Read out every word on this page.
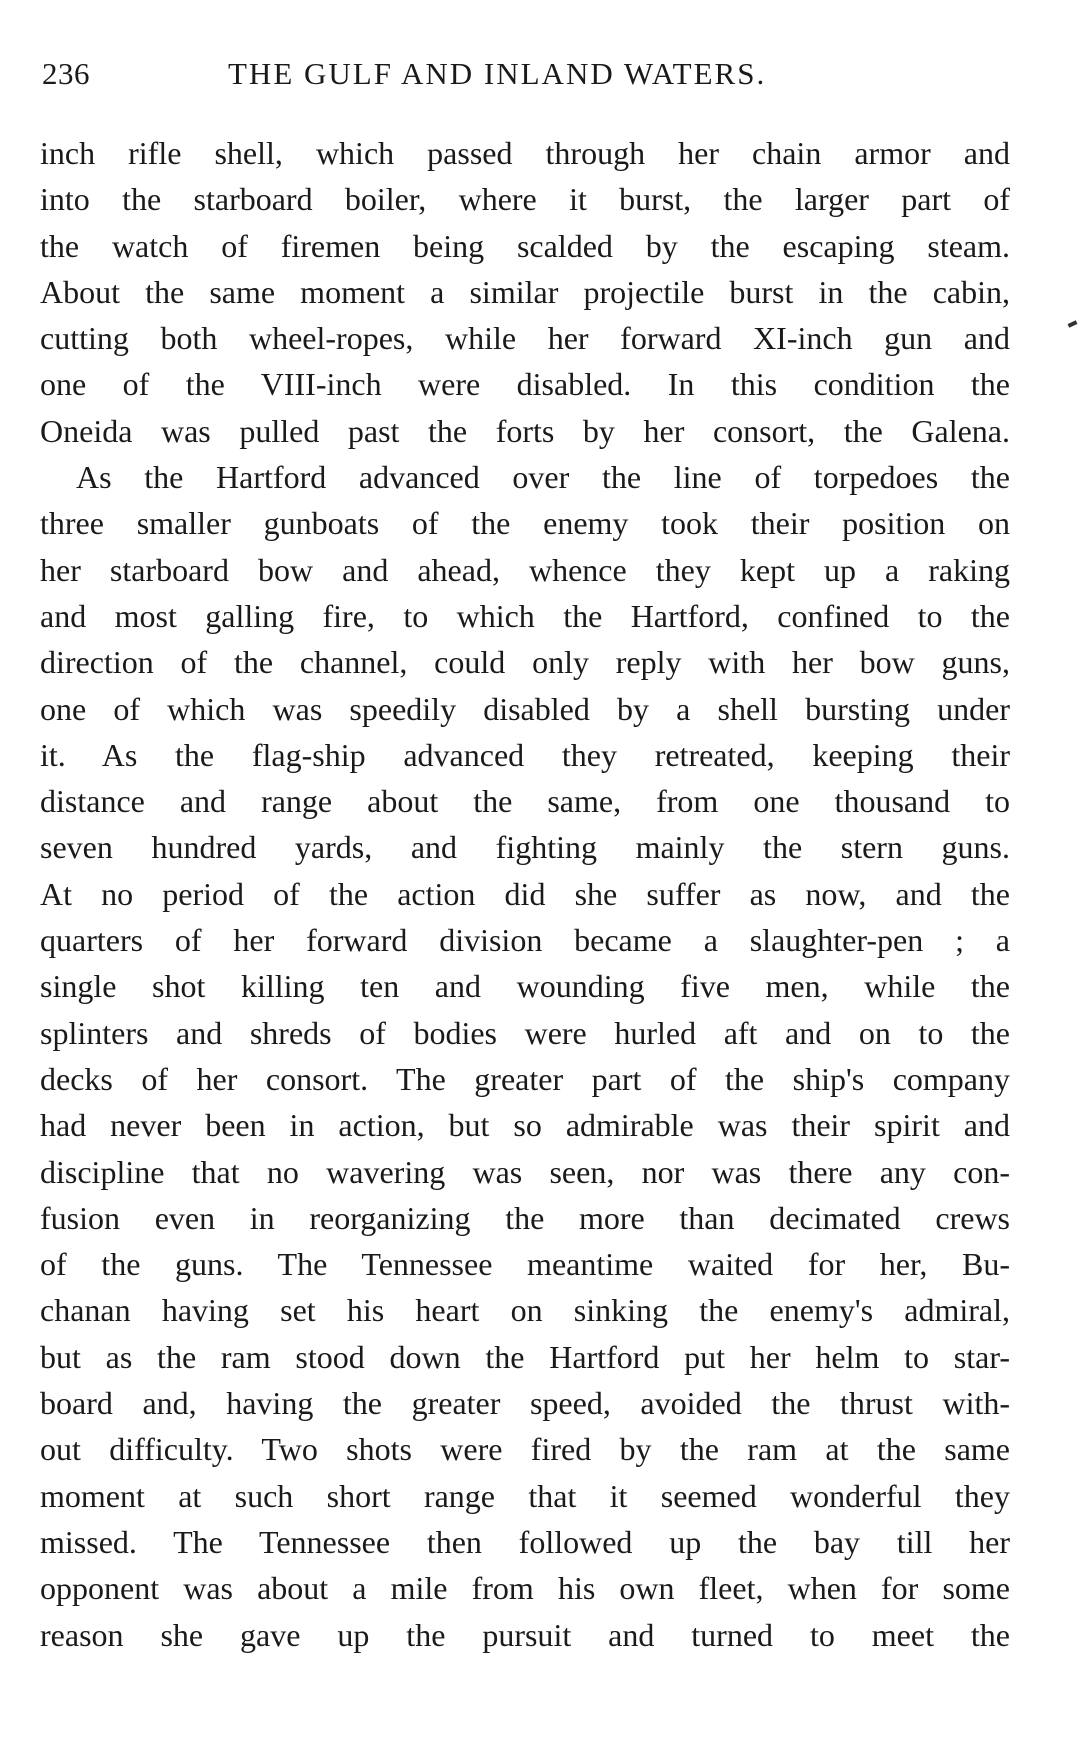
236	THE GULF AND INLAND WATERS.
inch rifle shell, which passed through her chain armor and
into the starboard boiler, where it burst, the larger part of
the watch of firemen being scalded by the escaping steam.
About the same moment a similar projectile burst in the cabin,
cutting both wheel-ropes, while her forward XI-inch gun and
one of the VIII-inch were disabled. In this condition the
Oneida was pulled past the forts by her consort, the Galena.
As the Hartford advanced over the line of torpedoes the
three smaller gunboats of the enemy took their position on
her starboard bow and ahead, whence they kept up a raking
and most galling fire, to which the Hartford, confined to the
direction of the channel, could only reply with her bow guns,
one of which was speedily disabled by a shell bursting under
it. As the flag-ship advanced they retreated, keeping their
distance and range about the same, from one thousand to
seven hundred yards, and fighting mainly the stern guns.
At no period of the action did she suffer as now, and the
quarters of her forward division became a slaughter-pen ; a
single shot killing ten and wounding five men, while the
splinters and shreds of bodies were hurled aft and on to the
decks of her consort. The greater part of the ship's company
had never been in action, but so admirable was their spirit and
discipline that no wavering was seen, nor was there any con-
fusion even in reorganizing the more than decimated crews
of the guns. The Tennessee meantime waited for her, Bu-
chanan having set his heart on sinking the enemy's admiral,
but as the ram stood down the Hartford put her helm to star-
board and, having the greater speed, avoided the thrust with-
out difficulty. Two shots were fired by the ram at the same
moment at such short range that it seemed wonderful they
missed. The Tennessee then followed up the bay till her
opponent was about a mile from his own fleet, when for some
reason she gave up the pursuit and turned to meet the
